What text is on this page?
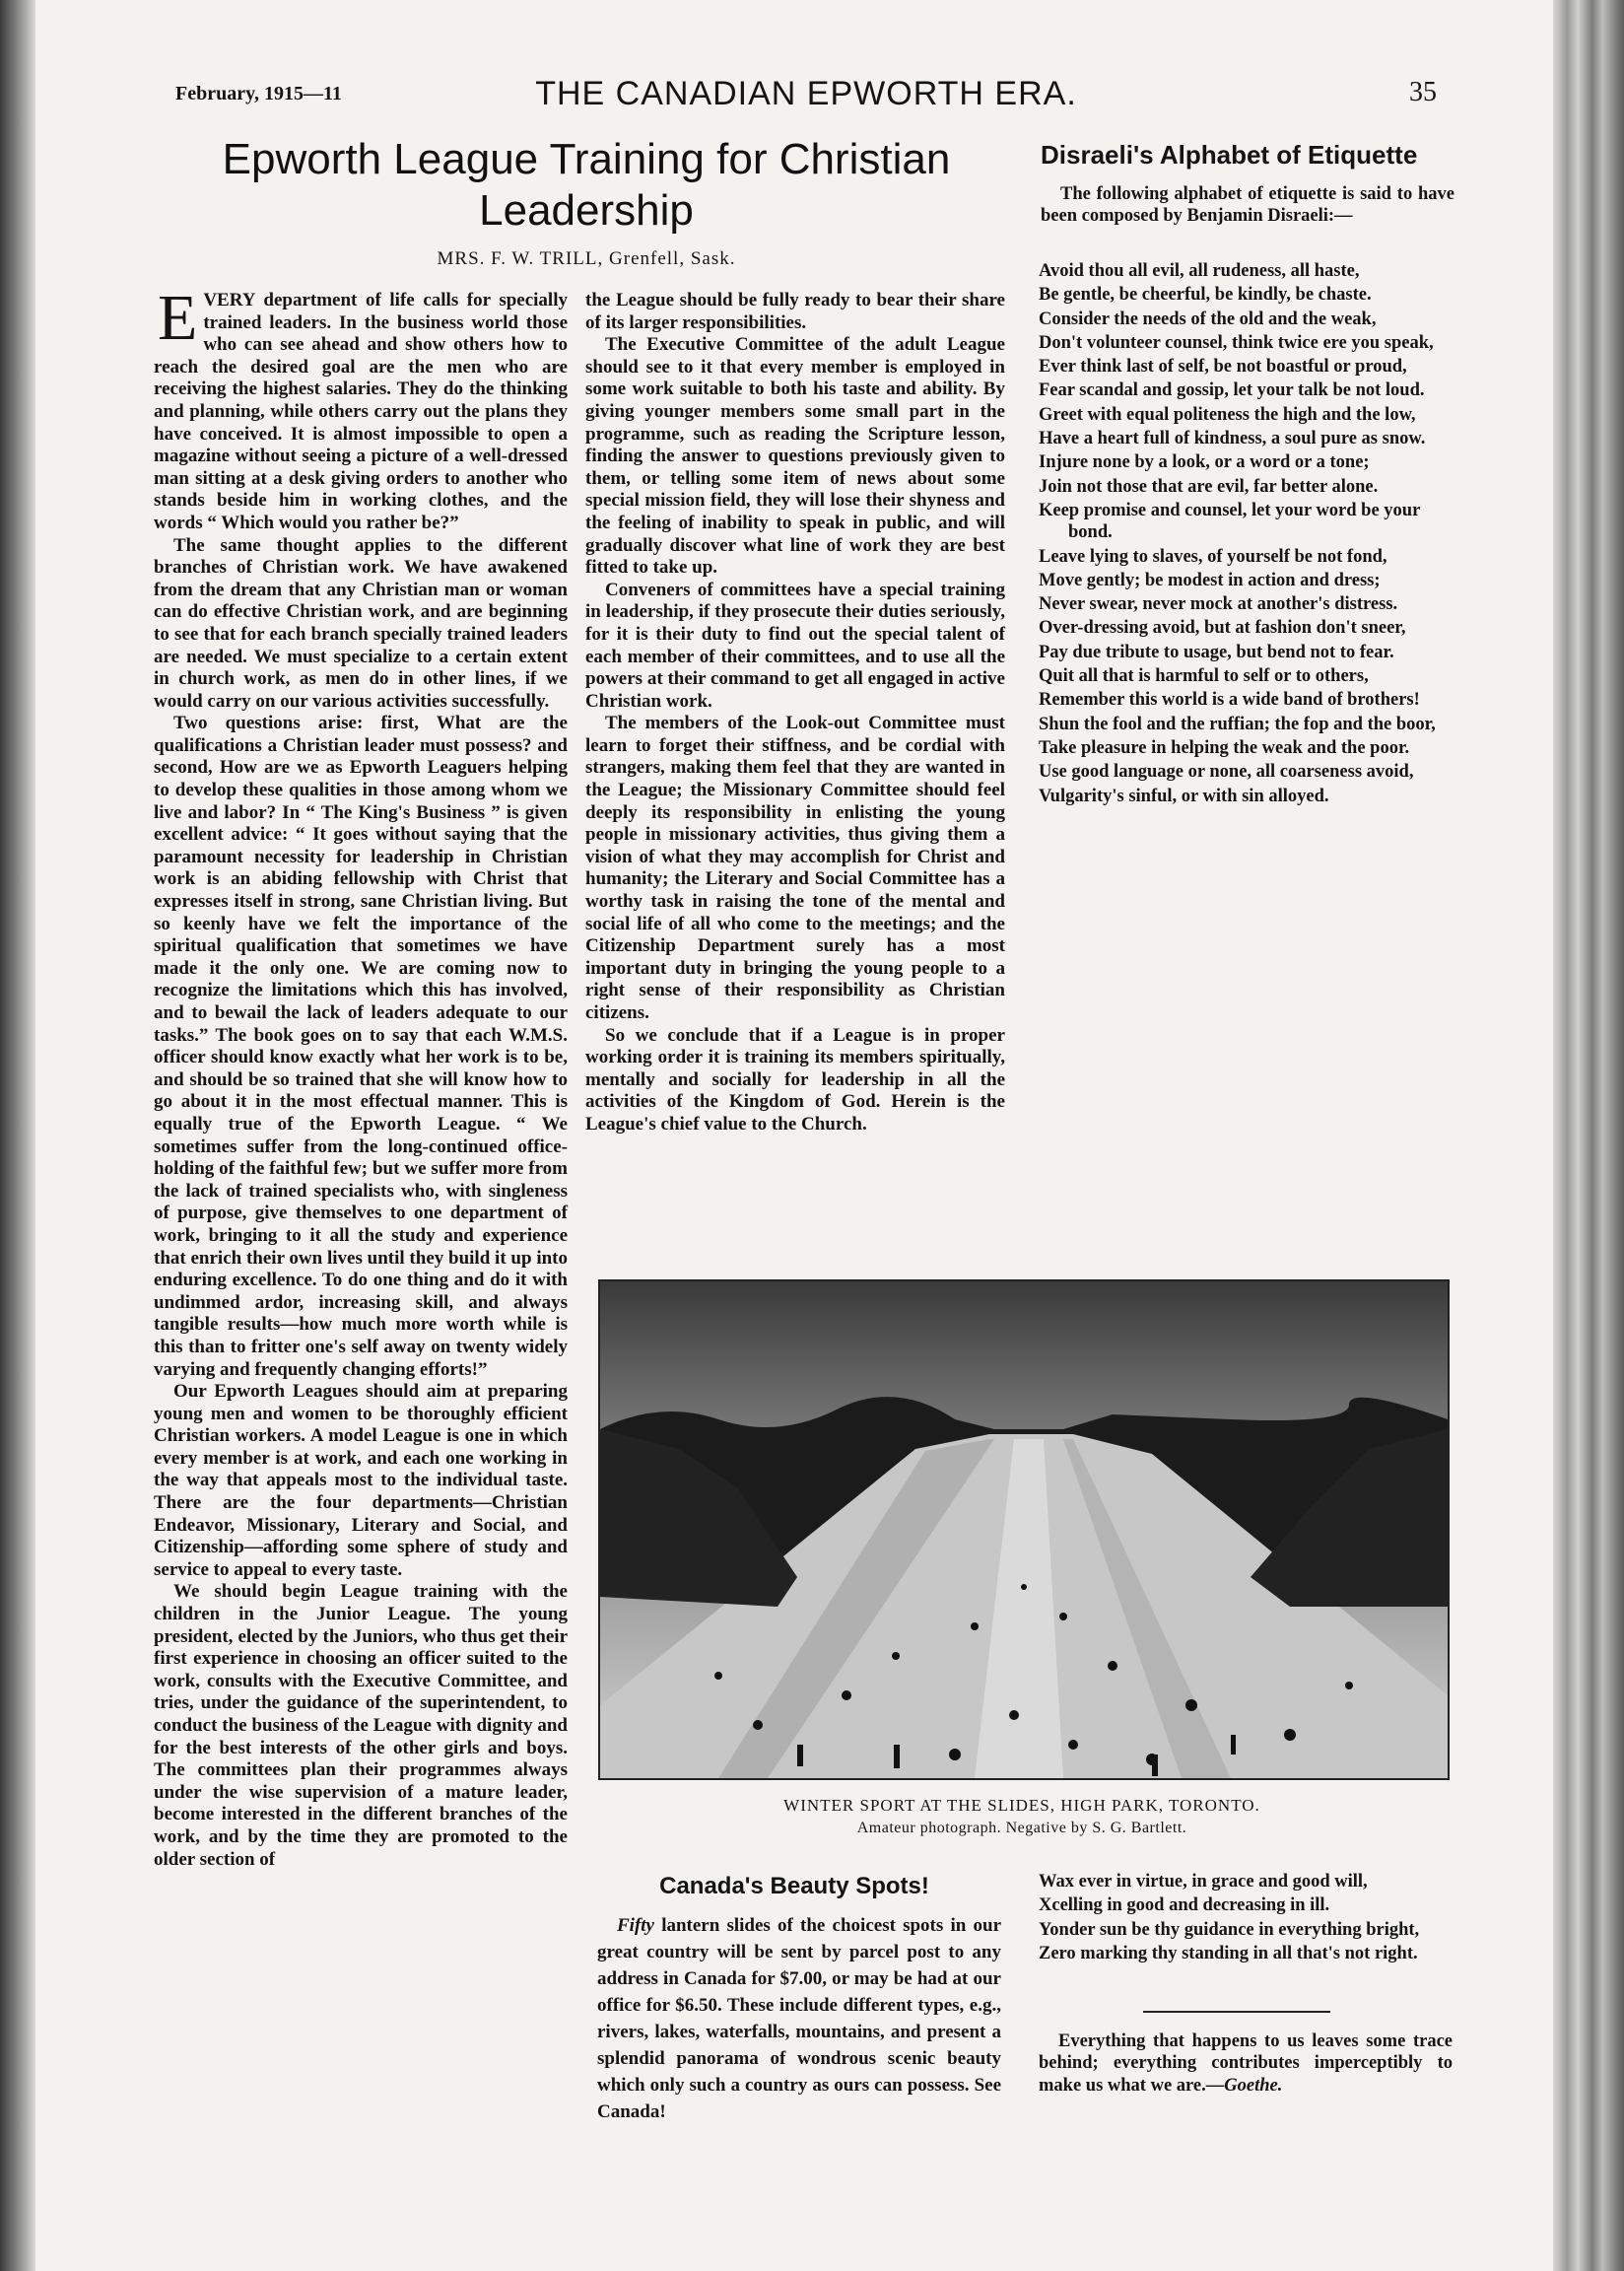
February, 1915—11	THE CANADIAN EPWORTH ERA.	35
Epworth League Training for Christian Leadership
MRS. F. W. TRILL, Grenfell, Sask.

EVERY department of life calls for specially trained leaders. In the business world those who can see ahead and show others how to reach the desired goal are the men who are receiving the highest salaries. They do the thinking and planning, while others carry out the plans they have conceived. It is almost impossible to open a magazine without seeing a picture of a well-dressed man sitting at a desk giving orders to another who stands beside him in working clothes, and the words “ Which would you rather be?”

The same thought applies to the different branches of Christian work. We have awakened from the dream that any Christian man or woman can do effective Christian work, and are beginning to see that for each branch specially trained leaders are needed. We must specialize to a certain extent in church work, as men do in other lines, if we would carry on our various activities successfully.

Two questions arise: first, What are the qualifications a Christian leader must possess? and second, How are we as Epworth Leaguers helping to develop these qualities in those among whom we live and labor? In “ The King's Business ” is given excellent advice: “ It goes without saying that the paramount necessity for leadership in Christian work is an abiding fellowship with Christ that expresses itself in strong, sane Christian living. But so keenly have we felt the importance of the spiritual qualification that sometimes we have made it the only one. We are coming now to recognize the limitations which this has involved, and to bewail the lack of leaders adequate to our tasks.” The book goes on to say that each W.M.S. officer should know exactly what her work is to be, and should be so trained that she will know how to go about it in the most effectual manner. This is equally true of the Epworth League. “ We sometimes suffer from the long-continued office-holding of the faithful few; but we suffer more from the lack of trained specialists who, with singleness of purpose, give themselves to one department of work, bringing to it all the study and experience that enrich their own lives until they build it up into enduring excellence. To do one thing and do it with undimmed ardor, increasing skill, and always tangible results—how much more worth while is this than to fritter one's self away on twenty widely varying and frequently changing efforts!”

Our Epworth Leagues should aim at preparing young men and women to be thoroughly efficient Christian workers. A model League is one in which every member is at work, and each one working in the way that appeals most to the individual taste. There are the four departments—Christian Endeavor, Missionary, Literary and Social, and Citizenship—affording some sphere of study and service to appeal to every taste.

We should begin League training with the children in the Junior League. The young president, elected by the Juniors, who thus get their first experience in choosing an officer suited to the work, consults with the Executive Committee, and tries, under the guidance of the superintendent, to conduct the business of the League with dignity and for the best interests of the other girls and boys. The committees plan their programmes always under the wise supervision of a mature leader, become interested in the different branches of the work, and by the time they are promoted to the older section of

the League should be fully ready to bear their share of its larger responsibilities.

The Executive Committee of the adult League should see to it that every member is employed in some work suitable to both his taste and ability. By giving younger members some small part in the programme, such as reading the Scripture lesson, finding the answer to questions previously given to them, or telling some item of news about some special mission field, they will lose their shyness and the feeling of inability to speak in public, and will gradually discover what line of work they are best fitted to take up.

Conveners of committees have a special training in leadership, if they prosecute their duties seriously, for it is their duty to find out the special talent of each member of their committees, and to use all the powers at their command to get all engaged in active Christian work.

The members of the Look-out Committee must learn to forget their stiffness, and be cordial with strangers, making them feel that they are wanted in the League; the Missionary Committee should feel deeply its responsibility in enlisting the young people in missionary activities, thus giving them a vision of what they may accomplish for Christ and humanity; the Literary and Social Committee has a worthy task in raising the tone of the mental and social life of all who come to the meetings; and the Citizenship Department surely has a most important duty in bringing the young people to a right sense of their responsibility as Christian citizens.

So we conclude that if a League is in proper working order it is training its members spiritually, mentally and socially for leadership in all the activities of the Kingdom of God. Herein is the League's chief value to the Church.

Disraeli's Alphabet of Etiquette
The following alphabet of etiquette is said to have been composed by Benjamin Disraeli:—
Avoid thou all evil, all rudeness, all haste,
Be gentle, be cheerful, be kindly, be chaste.
Consider the needs of the old and the weak,
Don't volunteer counsel, think twice ere you speak,
Ever think last of self, be not boastful or proud,
Fear scandal and gossip, let your talk be not loud.
Greet with equal politeness the high and the low,
Have a heart full of kindness, a soul pure as snow.
Injure none by a look, or a word or a tone;
Join not those that are evil, far better alone.
Keep promise and counsel, let your word be your bond.
Leave lying to slaves, of yourself be not fond,
Move gently; be modest in action and dress;
Never swear, never mock at another's distress.
Over-dressing avoid, but at fashion don't sneer,
Pay due tribute to usage, but bend not to fear.
Quit all that is harmful to self or to others,
Remember this world is a wide band of brothers!
Shun the fool and the ruffian; the fop and the boor,
Take pleasure in helping the weak and the poor.
Use good language or none, all coarseness avoid,
Vulgarity's sinful, or with sin alloyed.
WINTER SPORT AT THE SLIDES, HIGH PARK, TORONTO.
Amateur photograph. Negative by S. G. Bartlett.
Canada's Beauty Spots!
Fifty lantern slides of the choicest spots in our great country will be sent by parcel post to any address in Canada for $7.00, or may be had at our office for $6.50. These include different types, e.g., rivers, lakes, waterfalls, mountains, and present a splendid panorama of wondrous scenic beauty which only such a country as ours can possess. See Canada!
Wax ever in virtue, in grace and good will,
Xcelling in good and decreasing in ill.
Yonder sun be thy guidance in everything bright,
Zero marking thy standing in all that's not right.
Everything that happens to us leaves some trace behind; everything contributes imperceptibly to make us what we are.—Goethe.
